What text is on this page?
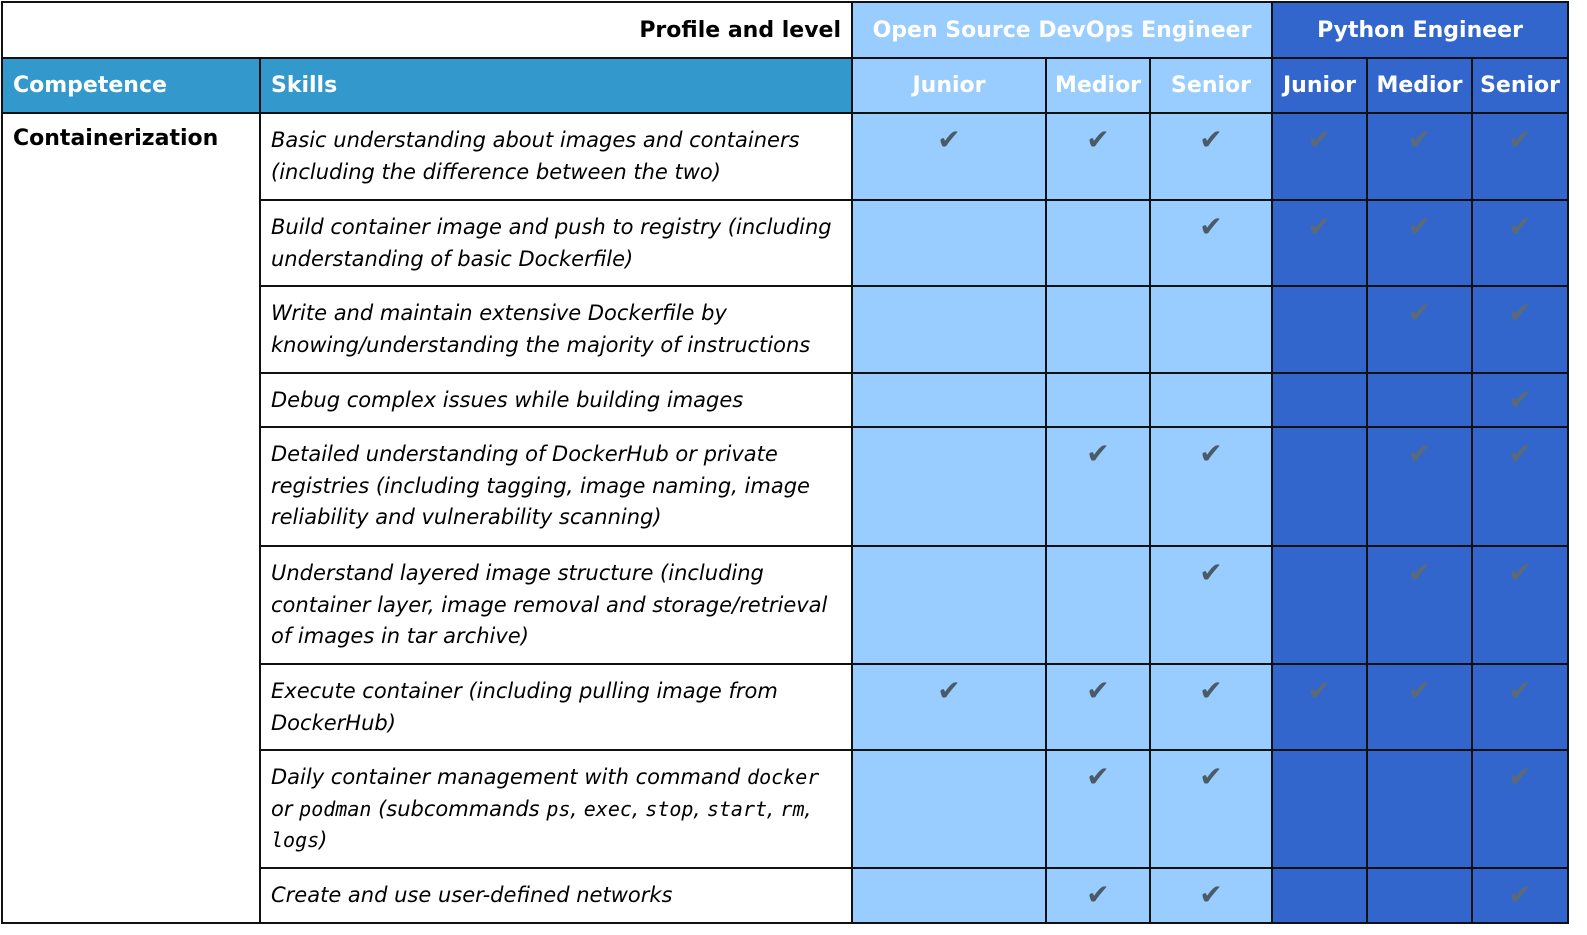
Profile and level		Open Source DevOps Engineer			Python Engineer		
Competence	Skills	Junior	Medior	Senior	Junior	Medior	Senior
Containerization	Basic understanding about images and containers (including the difference between the two)	✔	✔	✔	✔	✔	✔
	Build container image and push to registry (including understanding of basic Dockerfile)			✔	✔	✔	✔
	Write and maintain extensive Dockerfile by knowing/understanding the majority of instructions					✔	✔
	Debug complex issues while building images						✔
	Detailed understanding of DockerHub or private registries (including tagging, image naming, image reliability and vulnerability scanning)		✔	✔		✔	✔
	Understand layered image structure (including container layer, image removal and storage/retrieval of images in tar archive)			✔		✔	✔
	Execute container (including pulling image from DockerHub)	✔	✔	✔	✔	✔	✔
	Daily container management with command docker or podman (subcommands ps, exec, stop, start, rm, logs)		✔	✔			✔
	Create and use user-defined networks		✔	✔			✔
